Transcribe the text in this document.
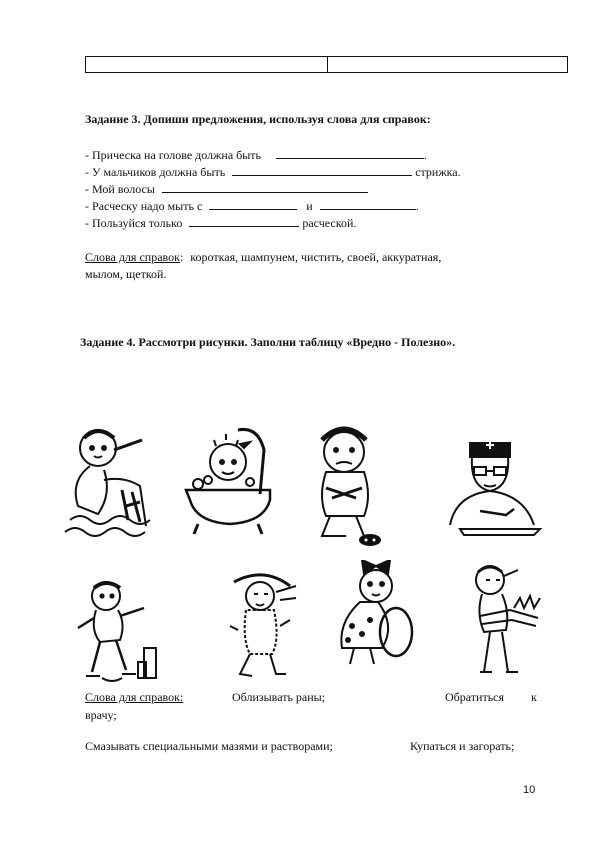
Задание 3. Допиши предложения, используя слова для справок:
- Прическа на голове должна быть	.
- У мальчиков должна быть	стрижка.
- Мой волосы
- Расческу надо мыть с	и	.
- Пользуйся только	расческой.
Слова для справок: короткая, шампунем, чистить, своей, аккуратная,
мылом, щеткой.
Задание 4. Рассмотри рисунки. Заполни таблицу «Вредно - Полезно».
Слова для справок:	Облизывать раны;	Обратиться к
врачу;
Смазывать специальными мазями и растворами;	Купаться и загорать;
10
